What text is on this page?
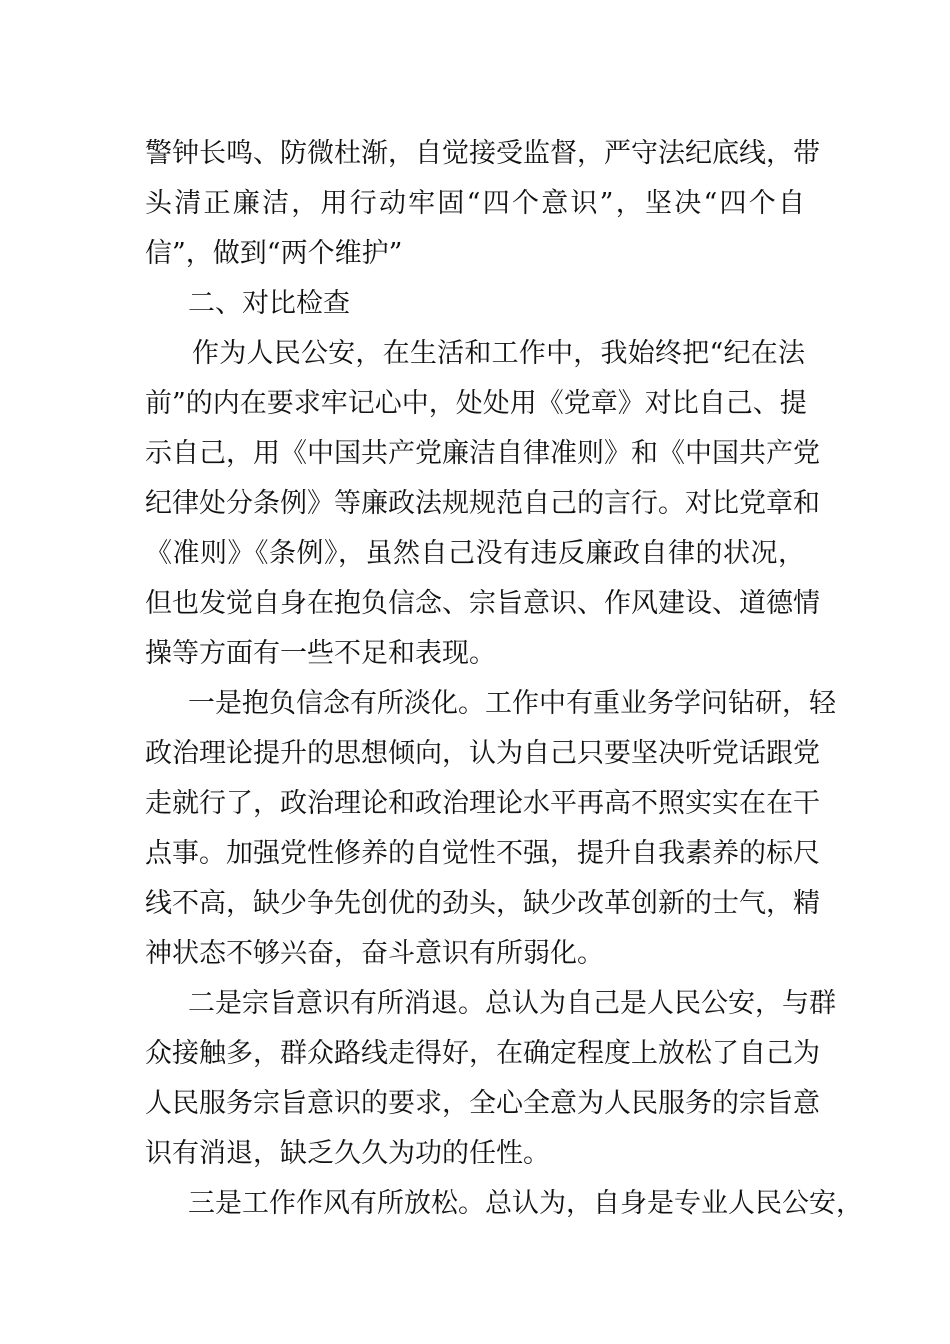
警钟长鸣、防微杜渐，自觉接受监督，严守法纪底线，带
头清正廉洁，用行动牢固“四个意识”，坚决“四个自
信”，做到“两个维护”
二、对比检查
作为人民公安，在生活和工作中，我始终把“纪在法
前”的内在要求牢记心中，处处用《党章》对比自己、提
示自己，用《中国共产党廉洁自律准则》和《中国共产党
纪律处分条例》等廉政法规规范自己的言行。对比党章和
《准则》《条例》，虽然自己没有违反廉政自律的状况，
但也发觉自身在抱负信念、宗旨意识、作风建设、道德情
操等方面有一些不足和表现。
一是抱负信念有所淡化。工作中有重业务学问钻研，轻
政治理论提升的思想倾向，认为自己只要坚决听党话跟党
走就行了，政治理论和政治理论水平再高不照实实在在干
点事。加强党性修养的自觉性不强，提升自我素养的标尺
线不高，缺少争先创优的劲头，缺少改革创新的士气，精
神状态不够兴奋，奋斗意识有所弱化。
二是宗旨意识有所消退。总认为自己是人民公安，与群
众接触多，群众路线走得好，在确定程度上放松了自己为
人民服务宗旨意识的要求，全心全意为人民服务的宗旨意
识有消退，缺乏久久为功的任性。
三是工作作风有所放松。总认为，自身是专业人民公安，
